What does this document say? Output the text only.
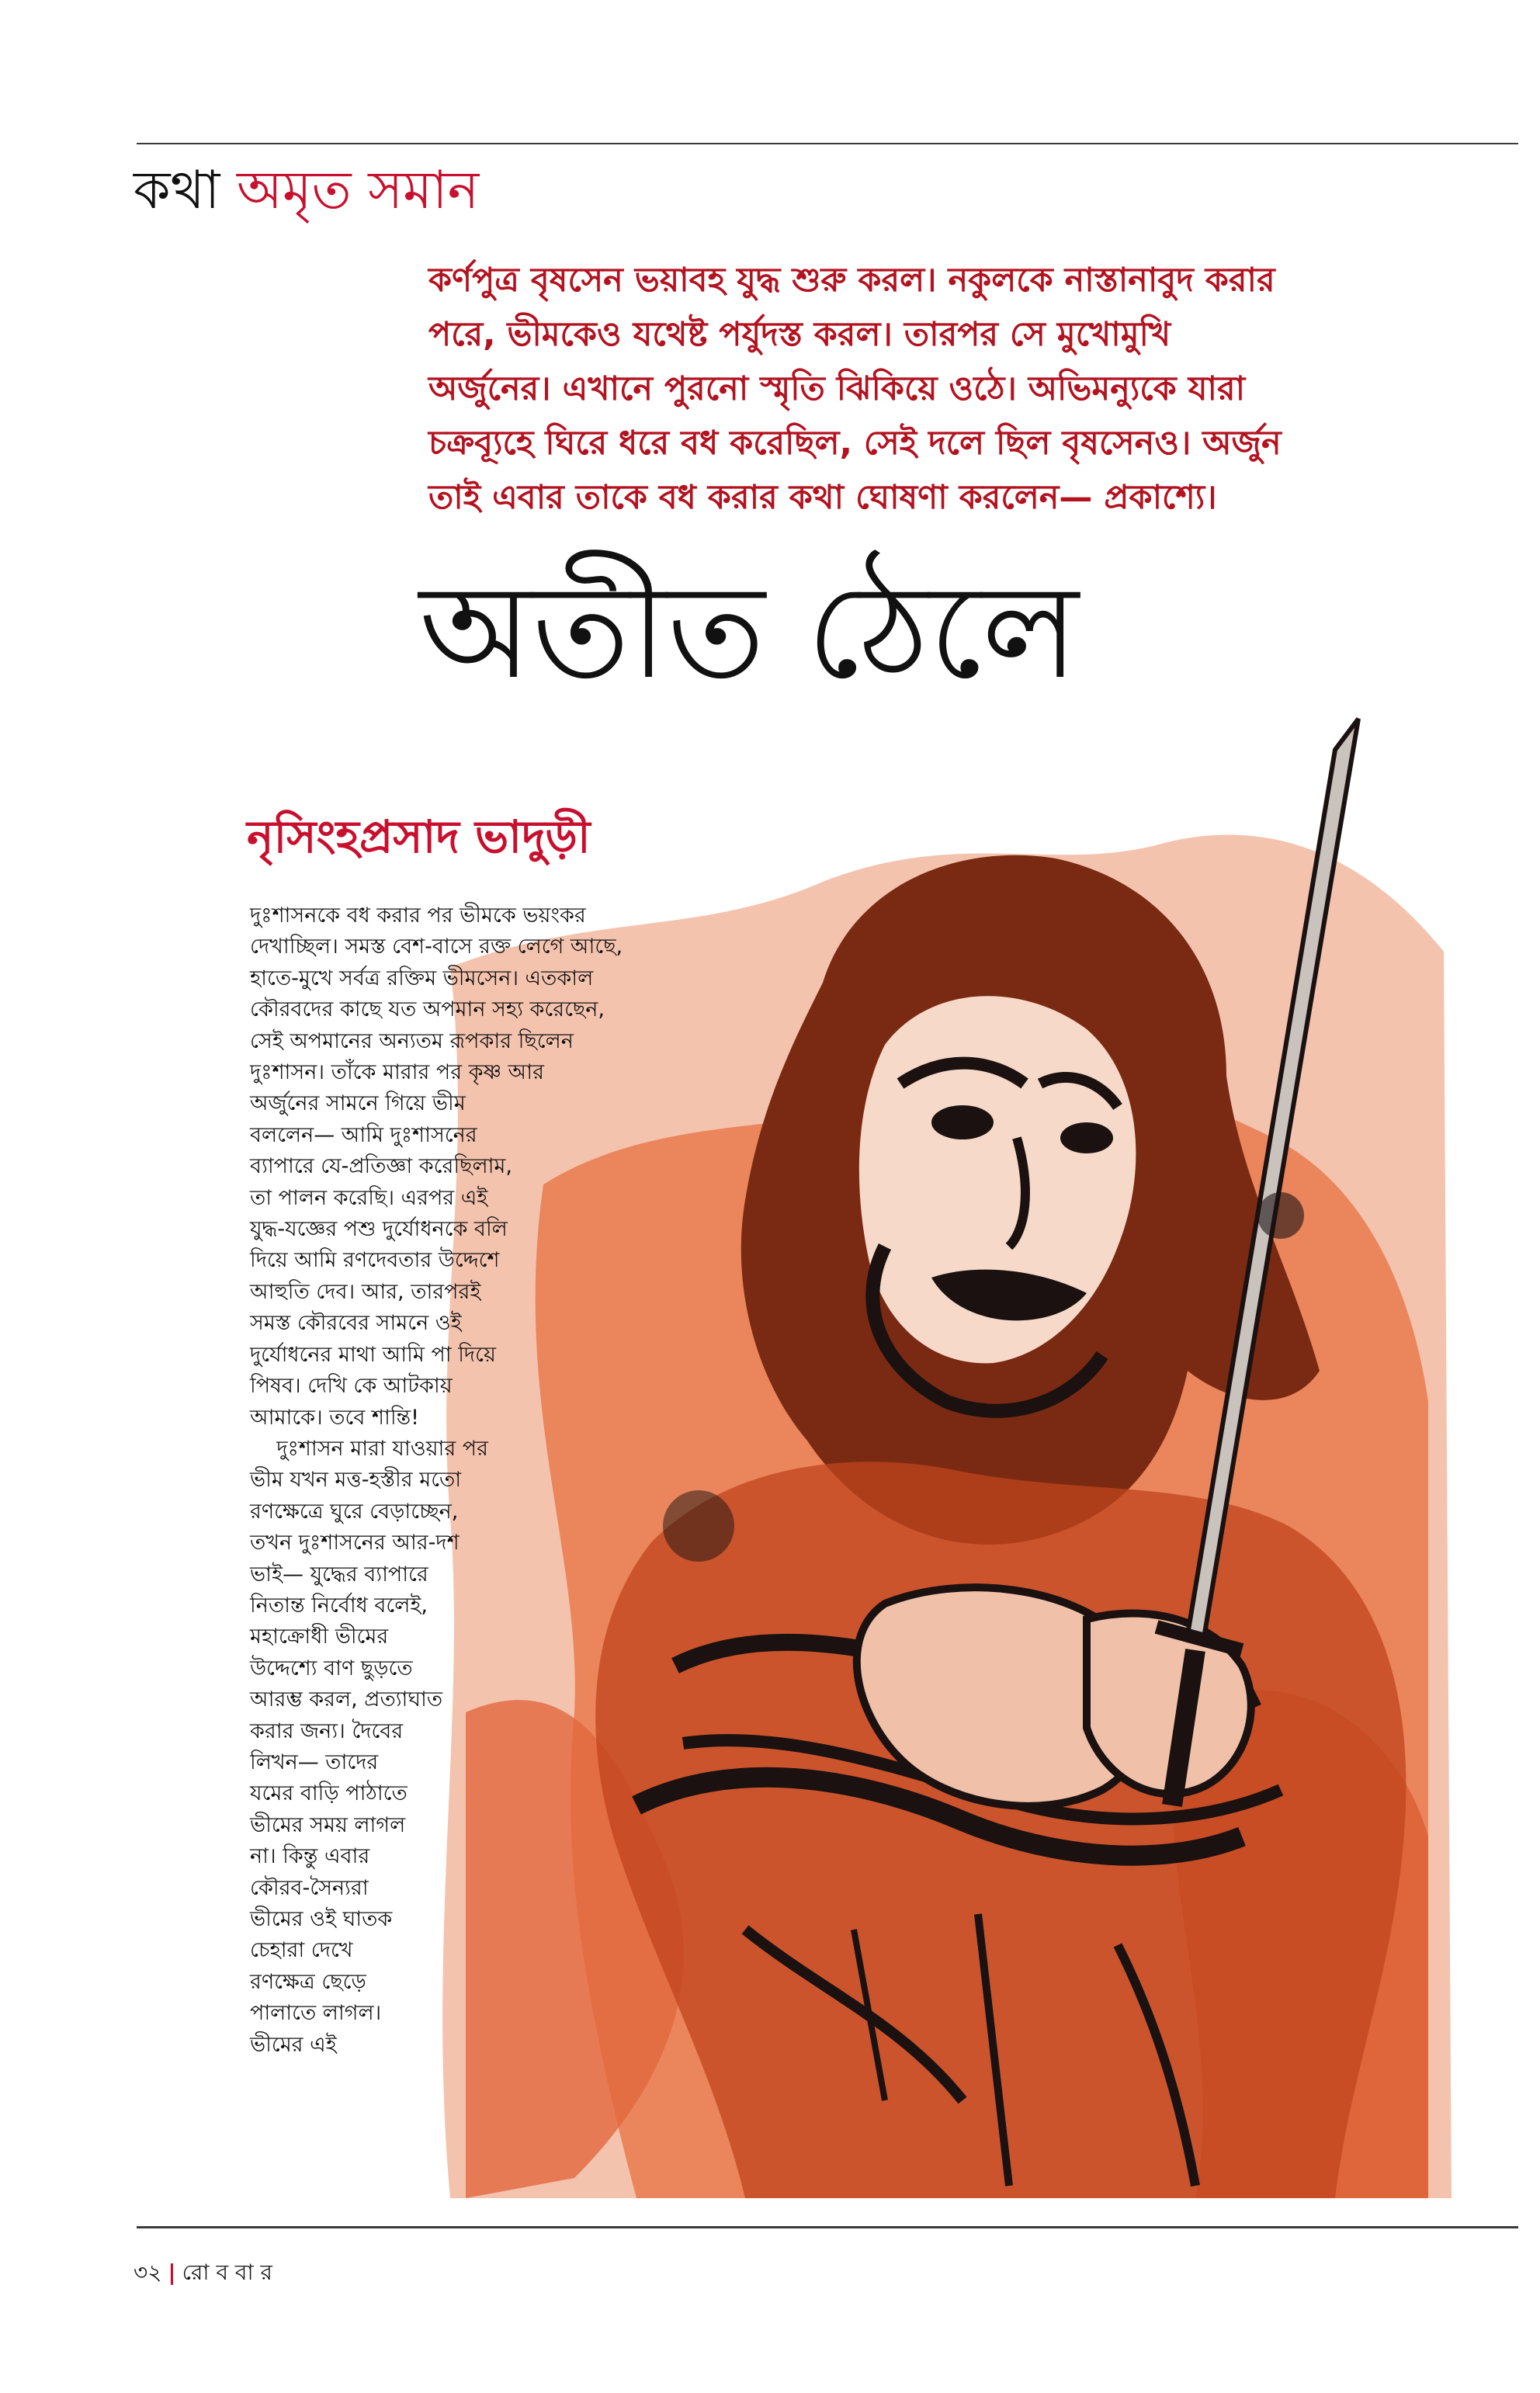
কথা অমৃত সমান
কর্ণপুত্র বৃষসেন ভয়াবহ যুদ্ধ শুরু করল। নকুলকে নাস্তানাবুদ করার
পরে, ভীমকেও যথেষ্ট পর্যুদস্ত করল। তারপর সে মুখোমুখি
অর্জুনের। এখানে পুরনো স্মৃতি ঝিকিয়ে ওঠে। অভিমন্যুকে যারা
চক্রব্যূহে ঘিরে ধরে বধ করেছিল, সেই দলে ছিল বৃষসেনও। অর্জুন
তাই এবার তাকে বধ করার কথা ঘোষণা করলেন— প্রকাশ্যে।
অতীত ঠেলে
নৃসিংহপ্রসাদ ভাদুড়ী
দুঃশাসনকে বধ করার পর ভীমকে ভয়ংকর
দেখাচ্ছিল। সমস্ত বেশ-বাসে রক্ত লেগে আছে,
হাতে-মুখে সর্বত্র রক্তিম ভীমসেন। এতকাল
কৌরবদের কাছে যত অপমান সহ্য করেছেন,
সেই অপমানের অন্যতম রূপকার ছিলেন
দুঃশাসন। তাঁকে মারার পর কৃষ্ণ আর
অর্জুনের সামনে গিয়ে ভীম
বললেন— আমি দুঃশাসনের
ব্যাপারে যে-প্রতিজ্ঞা করেছিলাম,
তা পালন করেছি। এরপর এই
যুদ্ধ-যজ্ঞের পশু দুর্যোধনকে বলি
দিয়ে আমি রণদেবতার উদ্দেশে
আহুতি দেব। আর, তারপরই
সমস্ত কৌরবের সামনে ওই
দুর্যোধনের মাথা আমি পা দিয়ে
পিষব। দেখি কে আটকায়
আমাকে। তবে শান্তি!
দুঃশাসন মারা যাওয়ার পর
ভীম যখন মত্ত-হস্তীর মতো
রণক্ষেত্রে ঘুরে বেড়াচ্ছেন,
তখন দুঃশাসনের আর-দশ
ভাই— যুদ্ধের ব্যাপারে
নিতান্ত নির্বোধ বলেই,
মহাক্রোধী ভীমের
উদ্দেশ্যে বাণ ছুড়তে
আরম্ভ করল, প্রত্যাঘাত
করার জন্য। দৈবের
লিখন— তাদের
যমের বাড়ি পাঠাতে
ভীমের সময় লাগল
না। কিন্তু এবার
কৌরব-সৈন্যরা
ভীমের ওই ঘাতক
চেহারা দেখে
রণক্ষেত্র ছেড়ে
পালাতে লাগল।
ভীমের এই
৩২ | রো ব বা র
